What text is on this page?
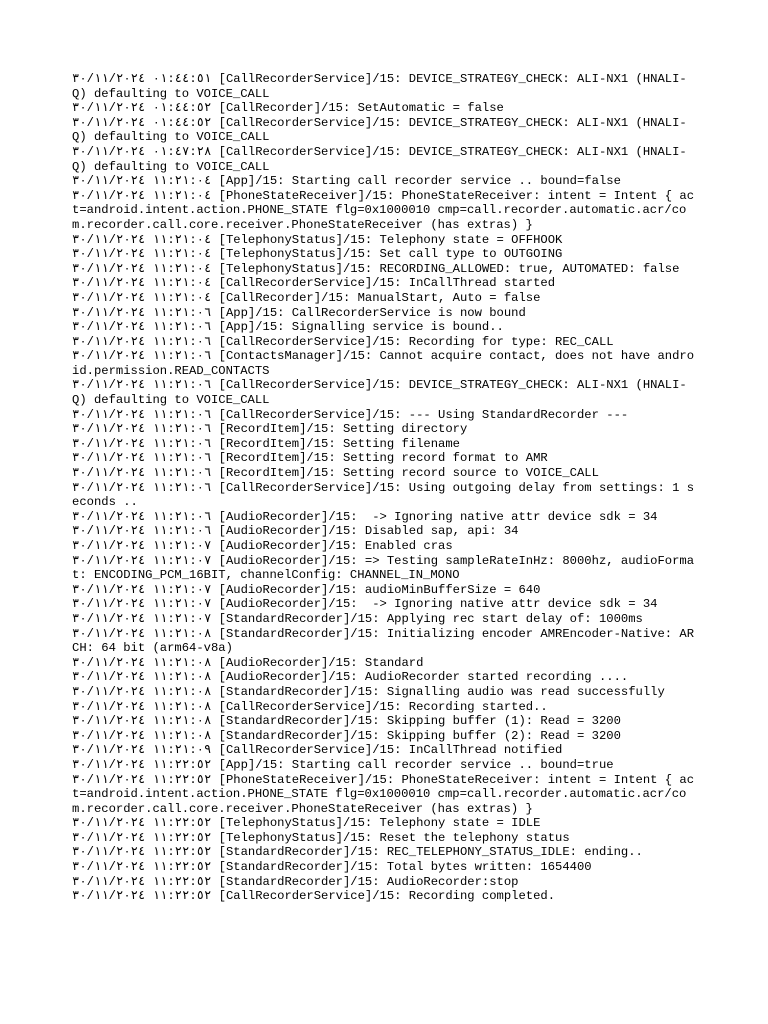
٠١:٤٤:٥١ ٣٠/١١/٢٠٢٤ [CallRecorderService]/15: DEVICE_STRATEGY_CHECK: ALI-NX1 (HNALI-Q) defaulting to VOICE_CALL
٠١:٤٤:٥٢ ٣٠/١١/٢٠٢٤ [CallRecorder]/15: SetAutomatic = false
٠١:٤٤:٥٢ ٣٠/١١/٢٠٢٤ [CallRecorderService]/15: DEVICE_STRATEGY_CHECK: ALI-NX1 (HNALI-Q) defaulting to VOICE_CALL
٠١:٤٧:٢٨ ٣٠/١١/٢٠٢٤ [CallRecorderService]/15: DEVICE_STRATEGY_CHECK: ALI-NX1 (HNALI-Q) defaulting to VOICE_CALL
١١:٢١:٠٤ ٣٠/١١/٢٠٢٤ [App]/15: Starting call recorder service .. bound=false
١١:٢١:٠٤ ٣٠/١١/٢٠٢٤ [PhoneStateReceiver]/15: PhoneStateReceiver: intent = Intent { act=android.intent.action.PHONE_STATE flg=0x1000010 cmp=call.recorder.automatic.acr/com.recorder.call.core.receiver.PhoneStateReceiver (has extras) }
١١:٢١:٠٤ ٣٠/١١/٢٠٢٤ [TelephonyStatus]/15: Telephony state = OFFHOOK
١١:٢١:٠٤ ٣٠/١١/٢٠٢٤ [TelephonyStatus]/15: Set call type to OUTGOING
١١:٢١:٠٤ ٣٠/١١/٢٠٢٤ [TelephonyStatus]/15: RECORDING_ALLOWED: true, AUTOMATED: false
١١:٢١:٠٤ ٣٠/١١/٢٠٢٤ [CallRecorderService]/15: InCallThread started
١١:٢١:٠٤ ٣٠/١١/٢٠٢٤ [CallRecorder]/15: ManualStart, Auto = false
١١:٢١:٠٦ ٣٠/١١/٢٠٢٤ [App]/15: CallRecorderService is now bound
١١:٢١:٠٦ ٣٠/١١/٢٠٢٤ [App]/15: Signalling service is bound..
١١:٢١:٠٦ ٣٠/١١/٢٠٢٤ [CallRecorderService]/15: Recording for type: REC_CALL
١١:٢١:٠٦ ٣٠/١١/٢٠٢٤ [ContactsManager]/15: Cannot acquire contact, does not have android.permission.READ_CONTACTS
١١:٢١:٠٦ ٣٠/١١/٢٠٢٤ [CallRecorderService]/15: DEVICE_STRATEGY_CHECK: ALI-NX1 (HNALI-Q) defaulting to VOICE_CALL
١١:٢١:٠٦ ٣٠/١١/٢٠٢٤ [CallRecorderService]/15: --- Using StandardRecorder ---
١١:٢١:٠٦ ٣٠/١١/٢٠٢٤ [RecordItem]/15: Setting directory
١١:٢١:٠٦ ٣٠/١١/٢٠٢٤ [RecordItem]/15: Setting filename
١١:٢١:٠٦ ٣٠/١١/٢٠٢٤ [RecordItem]/15: Setting record format to AMR
١١:٢١:٠٦ ٣٠/١١/٢٠٢٤ [RecordItem]/15: Setting record source to VOICE_CALL
١١:٢١:٠٦ ٣٠/١١/٢٠٢٤ [CallRecorderService]/15: Using outgoing delay from settings: 1 seconds ..
١١:٢١:٠٦ ٣٠/١١/٢٠٢٤ [AudioRecorder]/15:  -> Ignoring native attr device sdk = 34
١١:٢١:٠٦ ٣٠/١١/٢٠٢٤ [AudioRecorder]/15: Disabled sap, api: 34
١١:٢١:٠٧ ٣٠/١١/٢٠٢٤ [AudioRecorder]/15: Enabled cras
١١:٢١:٠٧ ٣٠/١١/٢٠٢٤ [AudioRecorder]/15: => Testing sampleRateInHz: 8000hz, audioFormat: ENCODING_PCM_16BIT, channelConfig: CHANNEL_IN_MONO
١١:٢١:٠٧ ٣٠/١١/٢٠٢٤ [AudioRecorder]/15: audioMinBufferSize = 640
١١:٢١:٠٧ ٣٠/١١/٢٠٢٤ [AudioRecorder]/15:  -> Ignoring native attr device sdk = 34
١١:٢١:٠٧ ٣٠/١١/٢٠٢٤ [StandardRecorder]/15: Applying rec start delay of: 1000ms
١١:٢١:٠٨ ٣٠/١١/٢٠٢٤ [StandardRecorder]/15: Initializing encoder AMREncoder-Native: ARCH: 64 bit (arm64-v8a)
١١:٢١:٠٨ ٣٠/١١/٢٠٢٤ [AudioRecorder]/15: Standard
١١:٢١:٠٨ ٣٠/١١/٢٠٢٤ [AudioRecorder]/15: AudioRecorder started recording ....
١١:٢١:٠٨ ٣٠/١١/٢٠٢٤ [StandardRecorder]/15: Signalling audio was read successfully
١١:٢١:٠٨ ٣٠/١١/٢٠٢٤ [CallRecorderService]/15: Recording started..
١١:٢١:٠٨ ٣٠/١١/٢٠٢٤ [StandardRecorder]/15: Skipping buffer (1): Read = 3200
١١:٢١:٠٨ ٣٠/١١/٢٠٢٤ [StandardRecorder]/15: Skipping buffer (2): Read = 3200
١١:٢١:٠٩ ٣٠/١١/٢٠٢٤ [CallRecorderService]/15: InCallThread notified
١١:٢٢:٥٢ ٣٠/١١/٢٠٢٤ [App]/15: Starting call recorder service .. bound=true
١١:٢٢:٥٢ ٣٠/١١/٢٠٢٤ [PhoneStateReceiver]/15: PhoneStateReceiver: intent = Intent { act=android.intent.action.PHONE_STATE flg=0x1000010 cmp=call.recorder.automatic.acr/com.recorder.call.core.receiver.PhoneStateReceiver (has extras) }
١١:٢٢:٥٢ ٣٠/١١/٢٠٢٤ [TelephonyStatus]/15: Telephony state = IDLE
١١:٢٢:٥٢ ٣٠/١١/٢٠٢٤ [TelephonyStatus]/15: Reset the telephony status
١١:٢٢:٥٢ ٣٠/١١/٢٠٢٤ [StandardRecorder]/15: REC_TELEPHONY_STATUS_IDLE: ending..
١١:٢٢:٥٢ ٣٠/١١/٢٠٢٤ [StandardRecorder]/15: Total bytes written: 1654400
١١:٢٢:٥٢ ٣٠/١١/٢٠٢٤ [StandardRecorder]/15: AudioRecorder:stop
١١:٢٢:٥٢ ٣٠/١١/٢٠٢٤ [CallRecorderService]/15: Recording completed.
